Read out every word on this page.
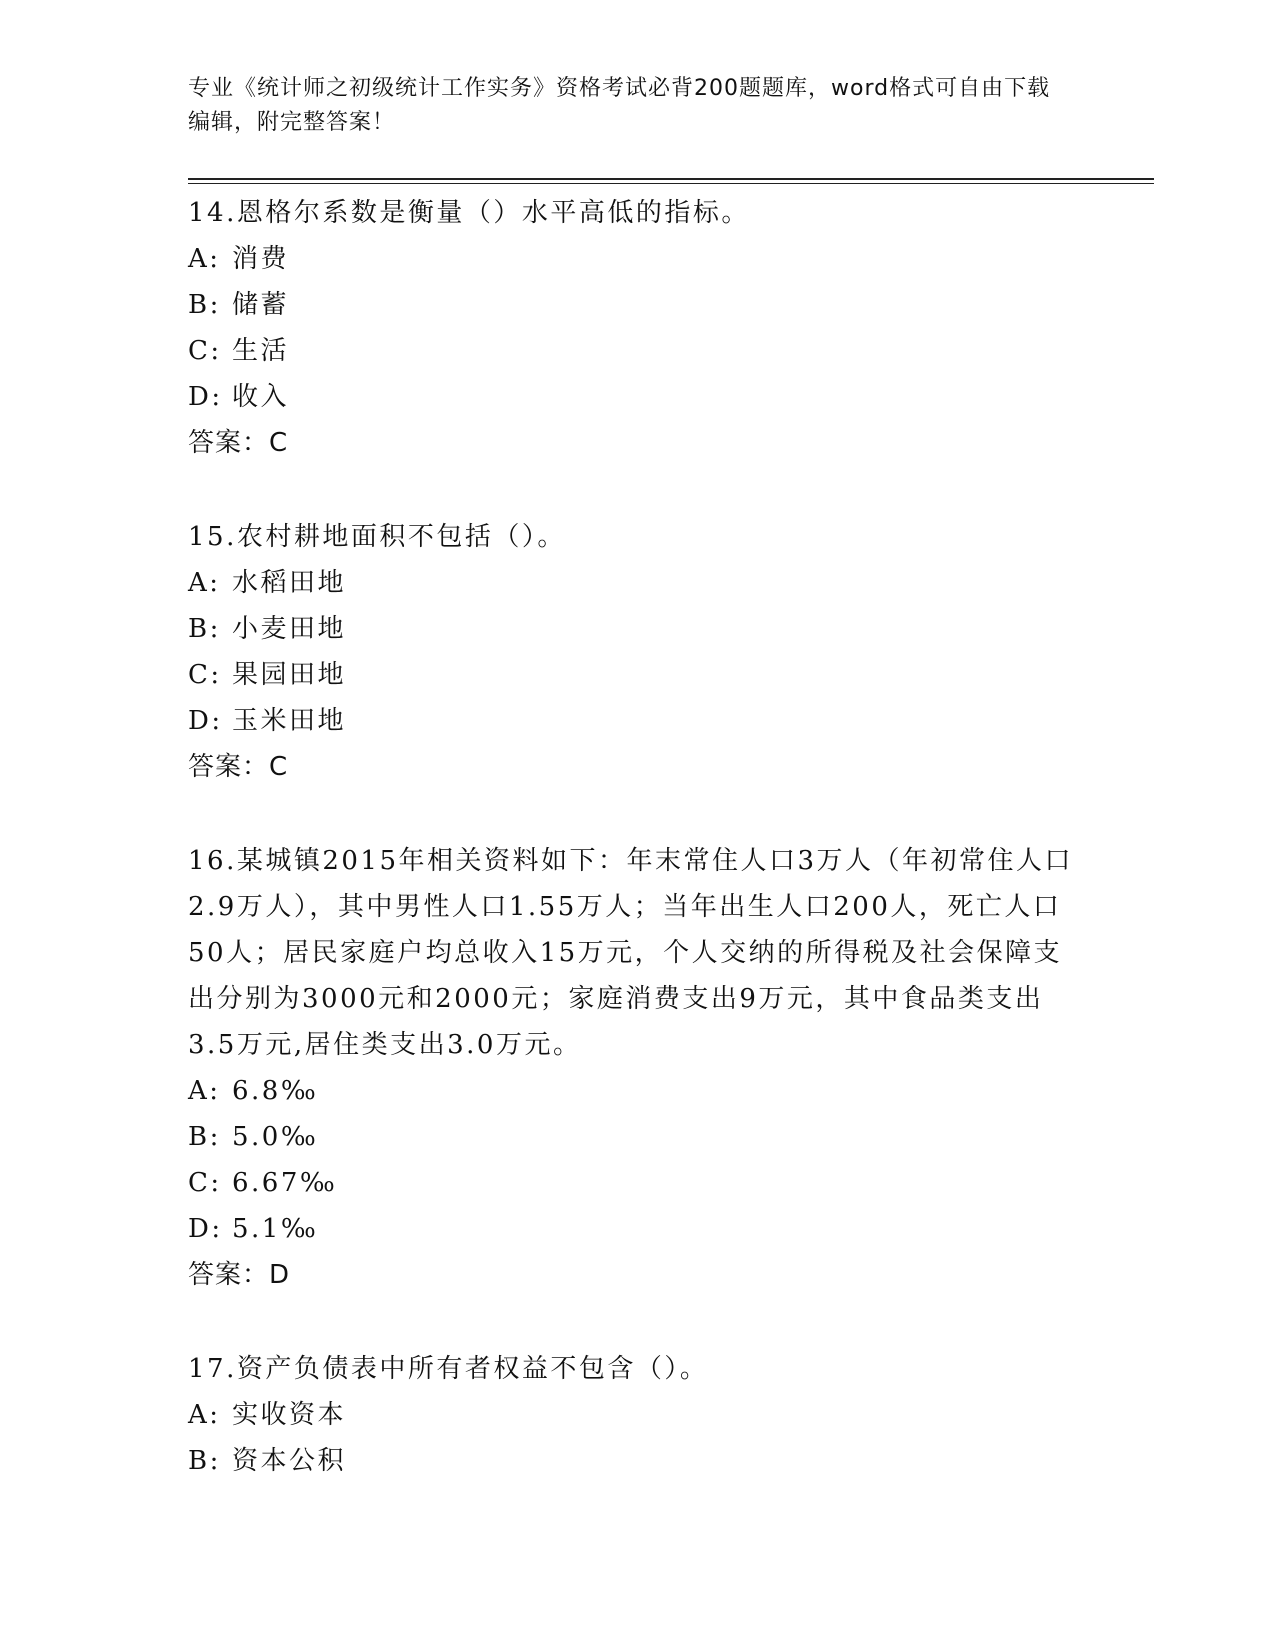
专业《统计师之初级统计工作实务》资格考试必背200题题库，word格式可自由下载编辑，附完整答案！

14.恩格尔系数是衡量（）水平高低的指标。

A: 消费

B: 储蓄

C: 生活

D: 收入

答案：C

15.农村耕地面积不包括（）。

A: 水稻田地

B: 小麦田地

C: 果园田地

D: 玉米田地

答案：C

16.某城镇2015年相关资料如下：年末常住人口3万人（年初常住人口2.9万人），其中男性人口1.55万人；当年出生人口200人，死亡人口50人；居民家庭户均总收入15万元，个人交纳的所得税及社会保障支出分别为3000元和2000元；家庭消费支出9万元，其中食品类支出3.5万元,居住类支出3.0万元。

A: 6.8‰

B: 5.0‰

C: 6.67‰

D: 5.1‰

答案：D

17.资产负债表中所有者权益不包含（）。

A: 实收资本

B: 资本公积
